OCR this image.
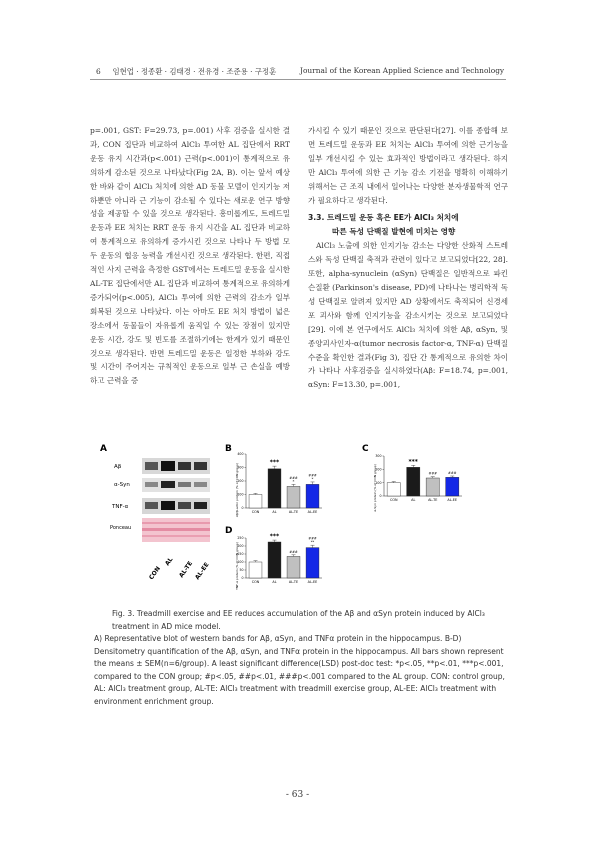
6 임현업 · 정종환 · 김태경 · 전유경 · 조준용 · 구정훈	Journal of the Korean Applied Science and Technology

p=.001, GST: F=29.73, p=.001) 사후 검증을 실시한 결과, CON 집단과 비교하여 AlCl₃ 투여한 AL 집단에서 RRT 운동 유지 시간과(p<.001) 근력(p<.001)이 통계적으로 유의하게 감소된 것으로 나타났다(Fig 2A, B). 이는 앞서 예상한 바와 같이 AlCl₃ 처치에 의한 AD 동물 모델이 인지기능 저하뿐만 아니라 근 기능이 감소될 수 있다는 새로운 연구 방향성을 제공할 수 있을 것으로 생각된다. 흥미롭게도, 트레드밀 운동과 EE 처치는 RRT 운동 유지 시간을 AL 집단과 비교하여 통계적으로 유의하게 증가시킨 것으로 나타나 두 방법 모두 운동의 협응 능력을 개선시킨 것으로 생각된다. 한편, 직접적인 사지 근력을 측정한 GST에서는 트레드밀 운동을 실시한 AL-TE 집단에서만 AL 집단과 비교하여 통계적으로 유의하게 증가되어(p<.005), AlCl₃ 투여에 의한 근력의 감소가 일부 회복된 것으로 나타났다. 이는 아마도 EE 처치 방법이 넓은 장소에서 동물들이 자유롭게 움직일 수 있는 장점이 있지만 운동 시간, 강도 및 빈도를 조절하기에는 한계가 있기 때문인 것으로 생각된다. 반면 트레드밀 운동은 일정한 부하와 강도 및 시간이 주어지는 규칙적인 운동으로 일부 근 손실을 예방하고 근력을 증

가시킬 수 있기 때문인 것으로 판단된다[27]. 이를 종합해 보면 트레드밀 운동과 EE 처치는 AlCl₃ 투여에 의한 근기능을 일부 개선시킬 수 있는 효과적인 방법이라고 생각된다. 하지만 AlCl₃ 투여에 의한 근 기능 감소 기전을 명확히 이해하기 위해서는 근 조직 내에서 일어나는 다양한 분자생물학적 연구가 필요하다고 생각된다.

3.3. 트레드밀 운동 혹은 EE가 AlCl₃ 처치에
따른 독성 단백질 발현에 미치는 영향

AlCl₃ 노출에 의한 인지기능 감소는 다양한 산화적 스트레스와 독성 단백질 축적과 관련이 있다고 보고되었다[22, 28]. 또한, alpha-synuclein (αSyn) 단백질은 일반적으로 파킨슨질환 (Parkinson's disease, PD)에 나타나는 병리학적 독성 단백질로 알려져 있지만 AD 상황에서도 축적되어 신경세포 괴사와 함께 인지기능을 감소시키는 것으로 보고되었다[29]. 이에 본 연구에서도 AlCl₃ 처치에 의한 Aβ, αSyn, 및 종양괴사인자-α(tumor necrosis factor-α, TNF-α) 단백질 수준을 확인한 결과(Fig 3), 집단 간 통계적으로 유의한 차이가 나타나 사후검증을 실시하였다(Aβ: F=18.74, p=.001, αSyn: F=13.30, p=.001,

A
Aβ
α-Syn
TNF-α
Ponceau
CON
AL AL-TE AL-EE
B	C
D
Aβ/β-actin protein (% of CON group)	α-Syn protein (% of CON group)
TNF-α protein (% of CON group)
0
100
200
300
400
CON	AL
***
AL-TE
###
*
AL-EE
###
*
0
100
200
300
CON	AL
***
AL-TE
###
AL-EE
###
0
50
100
150
200
250
CON	AL
***
AL-TE
###
AL-EE
###
**

Fig. 3. Treadmill exercise and EE reduces accumulation of the Aβ and αSyn protein induced by AlCl₃ treatment in AD mice model.

A) Representative blot of western bands for Aβ, αSyn, and TNFα protein in the hippocampus. B-D) Densitometry quantification of the Aβ, αSyn, and TNFα protein in the hippocampus. All bars shown represent the means ± SEM(n=6/group). A least significant difference(LSD) post-doc test: *p<.05, **p<.01, ***p<.001, compared to the CON group; #p<.05, ##p<.01, ###p<.001 compared to the AL group. CON: control group, AL: AlCl₃ treatment group, AL-TE: AlCl₃ treatment with treadmill exercise group, AL-EE: AlCl₃ treatment with environment enrichment group.

- 63 -
